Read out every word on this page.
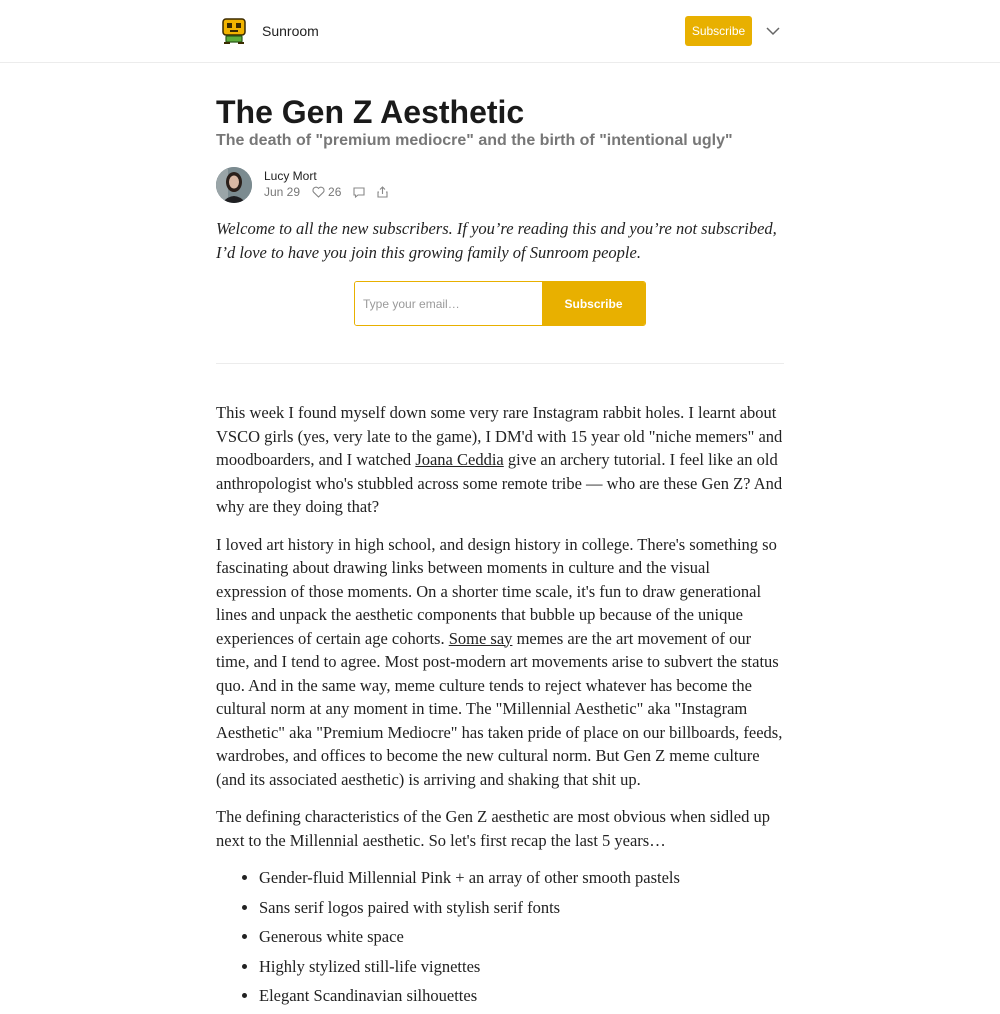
Sunroom	Subscribe
The Gen Z Aesthetic
The death of "premium mediocre" and the birth of "intentional ugly"
Lucy Mort
Jun 29 26

Welcome to all the new subscribers. If you’re reading this and you’re not subscribed, I’d love to have you join this growing family of Sunroom people.

Type your email…
Subscribe

This week I found myself down some very rare Instagram rabbit holes. I learnt about VSCO girls (yes, very late to the game), I DM'd with 15 year old "niche memers" and moodboarders, and I watched Joana Ceddia give an archery tutorial. I feel like an old anthropologist who's stubbled across some remote tribe — who are these Gen Z? And why are they doing that?

I loved art history in high school, and design history in college. There's something so fascinating about drawing links between moments in culture and the visual expression of those moments. On a shorter time scale, it's fun to draw generational lines and unpack the aesthetic components that bubble up because of the unique experiences of certain age cohorts. Some say memes are the art movement of our time, and I tend to agree. Most post-modern art movements arise to subvert the status quo. And in the same way, meme culture tends to reject whatever has become the cultural norm at any moment in time. The "Millennial Aesthetic" aka "Instagram Aesthetic" aka "Premium Mediocre" has taken pride of place on our billboards, feeds, wardrobes, and offices to become the new cultural norm. But Gen Z meme culture (and its associated aesthetic) is arriving and shaking that shit up.

The defining characteristics of the Gen Z aesthetic are most obvious when sidled up next to the Millennial aesthetic. So let's first recap the last 5 years…

• Gender-fluid Millennial Pink + an array of other smooth pastels
• Sans serif logos paired with stylish serif fonts
• Generous white space
• Highly stylized still-life vignettes
• Elegant Scandinavian silhouettes
